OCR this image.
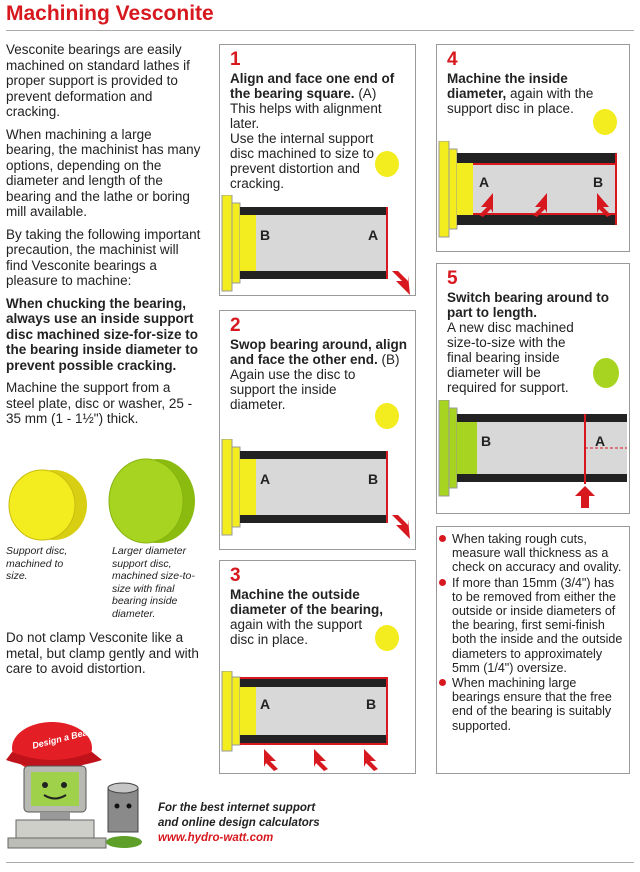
Machining Vesconite

Vesconite bearings are easily machined on standard lathes if proper support is provided to prevent deformation and cracking.

When machining a large bearing, the machinist has many options, depending on the diameter and length of the bearing and the lathe or boring mill available.

By taking the following important precaution, the machinist will find Vesconite bearings a pleasure to machine:

When chucking the bearing, always use an inside support disc machined size-for-size to the bearing inside diameter to prevent possible cracking.

Machine the support from a steel plate, disc or washer, 25 - 35 mm (1 - 1½") thick.

Support disc, machined to size.
Larger diameter support disc, machined size-to-size with final bearing inside diameter.

Do not clamp Vesconite like a metal, but clamp gently and with care to avoid distortion.

Design a Bearing
For the best internet support
and online design calculators
www.hydro-watt.com
1
Align and face one end of the bearing square. (A)
This helps with alignment later.
Use the internal support disc machined to size to prevent distortion and cracking.
B	A
2
Swop bearing around, align and face the other end. (B)
Again use the disc to support the inside diameter.
A	B
3
Machine the outside diameter of the bearing,
again with the support disc in place.
A	B
4
Machine the inside diameter, again with the support disc in place.
A	B
5
Switch bearing around to part to length.
A new disc machined size-to-size with the final bearing inside diameter will be required for support.
B	A
When taking rough cuts, measure wall thickness as a check on accuracy and ovality.
If more than 15mm (3/4") has to be removed from either the outside or inside diameters of the bearing, first semi-finish both the inside and the outside diameters to approximately 5mm (1/4") oversize.
When machining large bearings ensure that the free end of the bearing is suitably supported.
